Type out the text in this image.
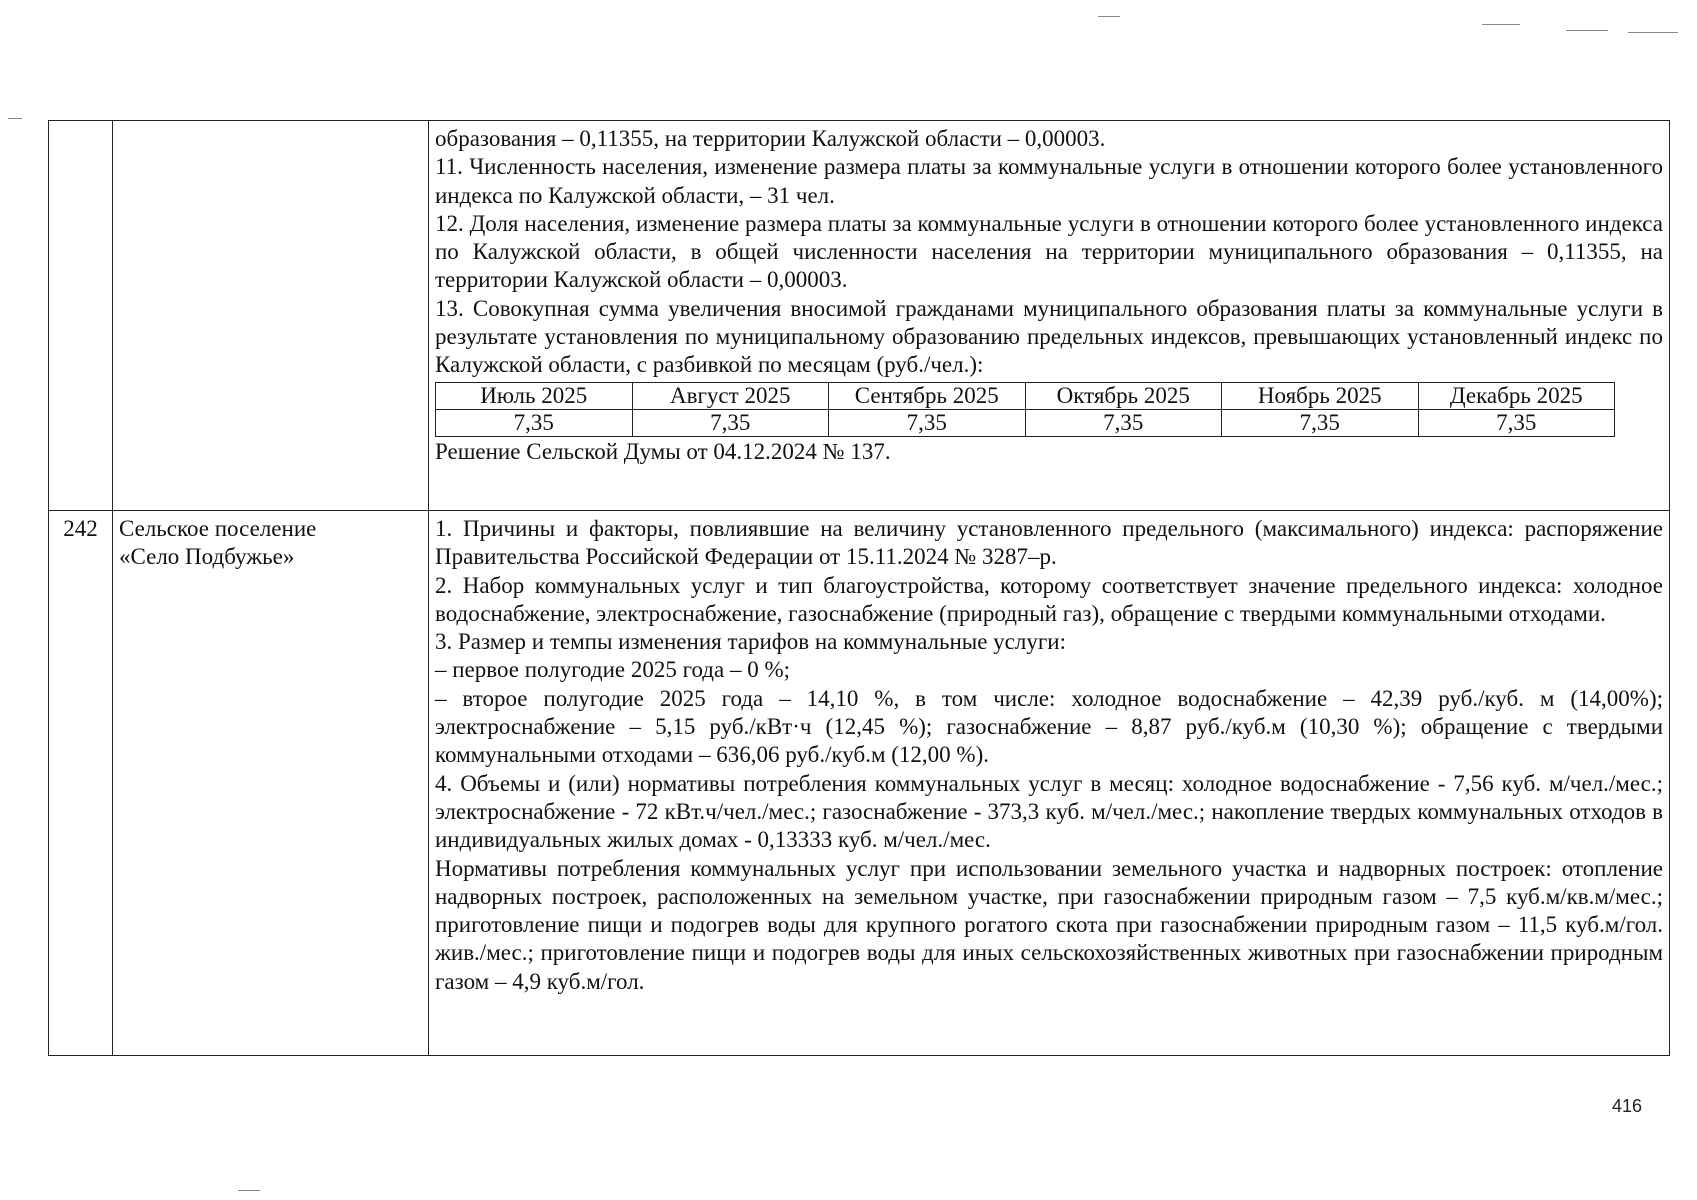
образования – 0,11355, на территории Калужской области – 0,00003.

11. Численность населения, изменение размера платы за коммунальные услуги в отношении которого более установленного индекса по Калужской области, – 31 чел.

12. Доля населения, изменение размера платы за коммунальные услуги в отношении которого более установленного индекса по Калужской области, в общей численности населения на территории муниципального образования – 0,11355, на территории Калужской области – 0,00003.

13. Совокупная сумма увеличения вносимой гражданами муниципального образования платы за коммунальные услуги в результате установления по муниципальному образованию предельных индексов, превышающих установленный индекс по Калужской области, с разбивкой по месяцам (руб./чел.):

Июль 2025	Август 2025	Сентябрь 2025	Октябрь 2025	Ноябрь 2025	Декабрь 2025
7,35	7,35	7,35	7,35	7,35	7,35

Решение Сельской Думы от 04.12.2024 № 137.

242	Сельское поселение
«Село Подбужье»

1. Причины и факторы, повлиявшие на величину установленного предельного (максимального) индекса: распоряжение Правительства Российской Федерации от 15.11.2024 № 3287–р.

2. Набор коммунальных услуг и тип благоустройства, которому соответствует значение предельного индекса: холодное водоснабжение, электроснабжение, газоснабжение (природный газ), обращение с твердыми коммунальными отходами.

3. Размер и темпы изменения тарифов на коммунальные услуги:

– первое полугодие 2025 года – 0 %;

– второе полугодие 2025 года – 14,10 %, в том числе: холодное водоснабжение – 42,39 руб./куб. м (14,00%); электроснабжение – 5,15 руб./кВт·ч (12,45 %); газоснабжение – 8,87 руб./куб.м (10,30 %); обращение с твердыми коммунальными отходами – 636,06 руб./куб.м (12,00 %).

4. Объемы и (или) нормативы потребления коммунальных услуг в месяц: холодное водоснабжение - 7,56 куб. м/чел./мес.; электроснабжение - 72 кВт.ч/чел./мес.; газоснабжение - 373,3 куб. м/чел./мес.; накопление твердых коммунальных отходов в индивидуальных жилых домах - 0,13333 куб. м/чел./мес.

Нормативы потребления коммунальных услуг при использовании земельного участка и надворных построек: отопление надворных построек, расположенных на земельном участке, при газоснабжении природным газом – 7,5 куб.м/кв.м/мес.; приготовление пищи и подогрев воды для крупного рогатого скота при газоснабжении природным газом – 11,5 куб.м/гол. жив./мес.; приготовление пищи и подогрев воды для иных сельскохозяйственных животных при газоснабжении природным газом – 4,9 куб.м/гол.

416
